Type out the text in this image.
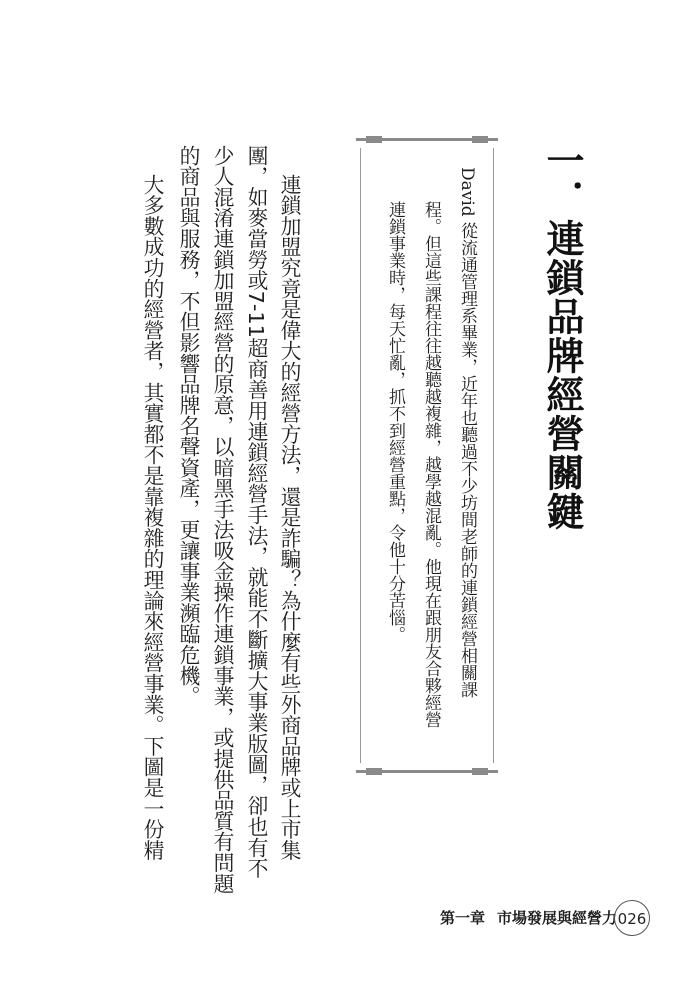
一．連鎖品牌經營關鍵
David 從流通管理系畢業，近年也聽過不少坊間老師的連鎖經營相關課
程。但這些課程往往越聽越複雜，越學越混亂。他現在跟朋友合夥經營
連鎖事業時，每天忙亂，抓不到經營重點，令他十分苦惱。
連鎖加盟究竟是偉大的經營方法，還是詐騙？為什麼有些外商品牌或上市集
團，如麥當勞或7-11超商善用連鎖經營手法，就能不斷擴大事業版圖，卻也有不
少人混淆連鎖加盟經營的原意，以暗黑手法吸金操作連鎖事業，或提供品質有問題
的商品與服務，不但影響品牌名聲資產，更讓事業瀕臨危機。
大多數成功的經營者，其實都不是靠複雜的理論來經營事業。下圖是一份精
第一章 市場發展與經營力 026
